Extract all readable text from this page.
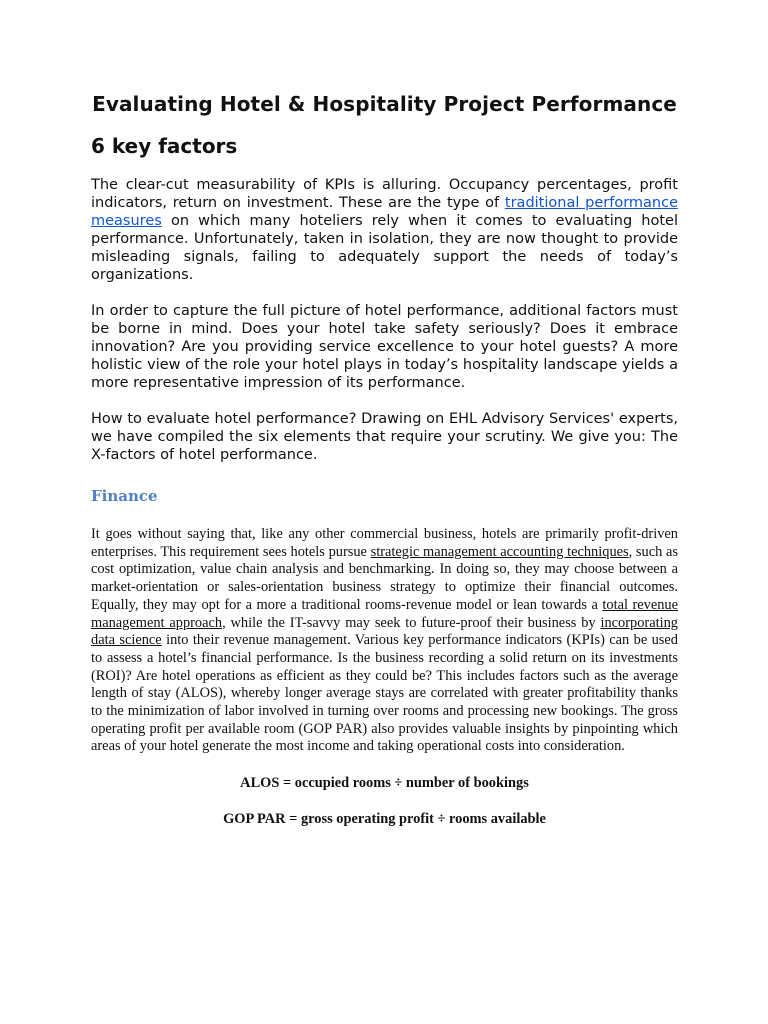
Evaluating Hotel & Hospitality Project Performance
6 key factors

The clear-cut measurability of KPIs is alluring. Occupancy percentages, profit indicators, return on investment. These are the type of traditional performance measures on which many hoteliers rely when it comes to evaluating hotel performance. Unfortunately, taken in isolation, they are now thought to provide misleading signals, failing to adequately support the needs of today’s organizations.

In order to capture the full picture of hotel performance, additional factors must be borne in mind. Does your hotel take safety seriously? Does it embrace innovation? Are you providing service excellence to your hotel guests? A more holistic view of the role your hotel plays in today’s hospitality landscape yields a more representative impression of its performance.

How to evaluate hotel performance? Drawing on EHL Advisory Services' experts, we have compiled the six elements that require your scrutiny. We give you: The X-factors of hotel performance.

Finance

It goes without saying that, like any other commercial business, hotels are primarily profit-driven enterprises. This requirement sees hotels pursue strategic management accounting techniques, such as cost optimization, value chain analysis and benchmarking. In doing so, they may choose between a market-orientation or sales-orientation business strategy to optimize their financial outcomes. Equally, they may opt for a more a traditional rooms-revenue model or lean towards a total revenue management approach, while the IT-savvy may seek to future-proof their business by incorporating data science into their revenue management. Various key performance indicators (KPIs) can be used to assess a hotel’s financial performance. Is the business recording a solid return on its investments (ROI)? Are hotel operations as efficient as they could be? This includes factors such as the average length of stay (ALOS), whereby longer average stays are correlated with greater profitability thanks to the minimization of labor involved in turning over rooms and processing new bookings. The gross operating profit per available room (GOP PAR) also provides valuable insights by pinpointing which areas of your hotel generate the most income and taking operational costs into consideration.

ALOS = occupied rooms ÷ number of bookings

GOP PAR = gross operating profit ÷ rooms available
